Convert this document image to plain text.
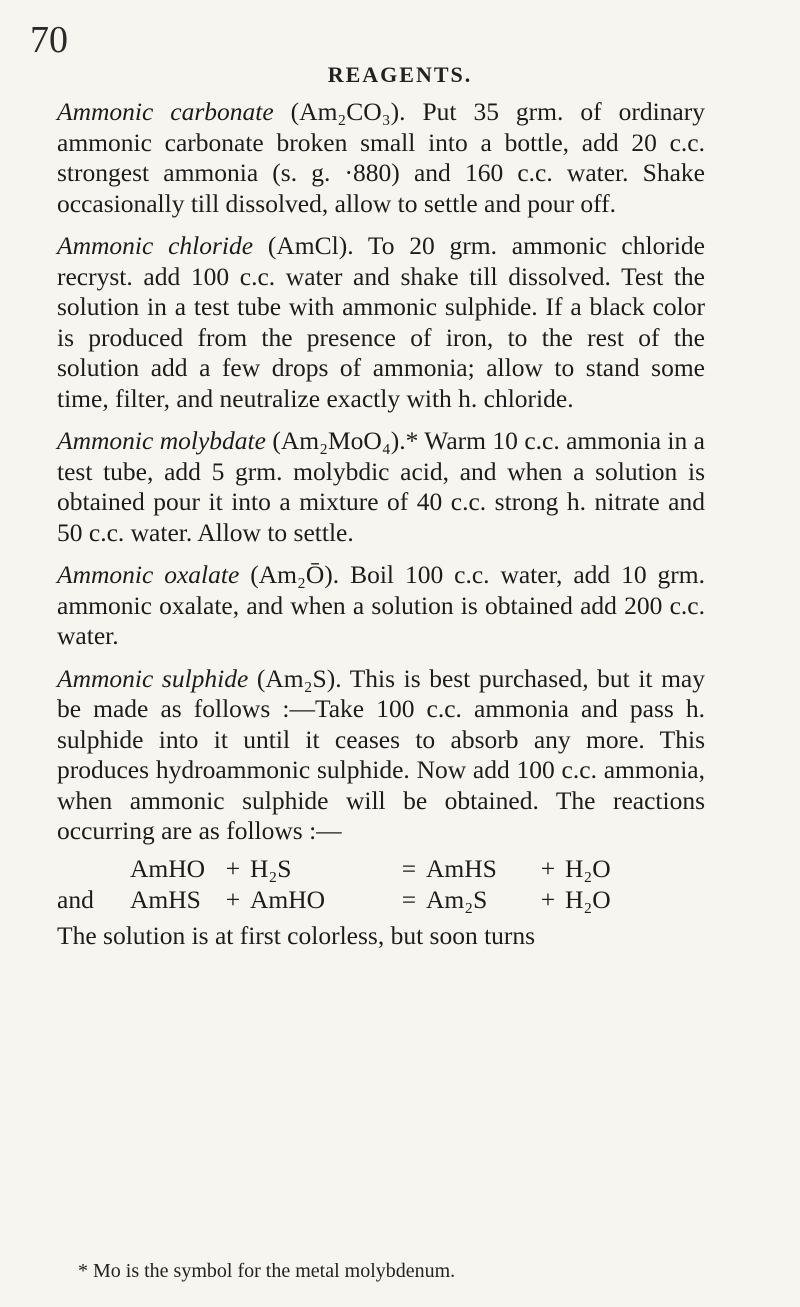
70
REAGENTS.

Ammonic carbonate (Am₂CO₃). Put 35 grm. of ordinary ammonic carbonate broken small into a bottle, add 20 c.c. strongest ammonia (s. g. ·880) and 160 c.c. water. Shake occasionally till dissolved, allow to settle and pour off.

Ammonic chloride (AmCl). To 20 grm. ammonic chloride recryst. add 100 c.c. water and shake till dissolved. Test the solution in a test tube with ammonic sulphide. If a black color is produced from the presence of iron, to the rest of the solution add a few drops of ammonia; allow to stand some time, filter, and neutralize exactly with h. chloride.

Ammonic molybdate (Am₂MoO₄).* Warm 10 c.c. ammonia in a test tube, add 5 grm. molybdic acid, and when a solution is obtained pour it into a mixture of 40 c.c. strong h. nitrate and 50 c.c. water. Allow to settle.

Ammonic oxalate (Am₂Ō). Boil 100 c.c. water, add 10 grm. ammonic oxalate, and when a solution is obtained add 200 c.c. water.

Ammonic sulphide (Am₂S). This is best purchased, but it may be made as follows :—Take 100 c.c. ammonia and pass h. sulphide into it until it ceases to absorb any more. This produces hydroammonic sulphide. Now add 100 c.c. ammonia, when ammonic sulphide will be obtained. The reactions occurring are as follows :—

AmHO + H₂S	= AmHS	+ H₂O
and	AmHS + AmHO	= Am₂S	+ H₂O

The solution is at first colorless, but soon turns

* Mo is the symbol for the metal molybdenum.
